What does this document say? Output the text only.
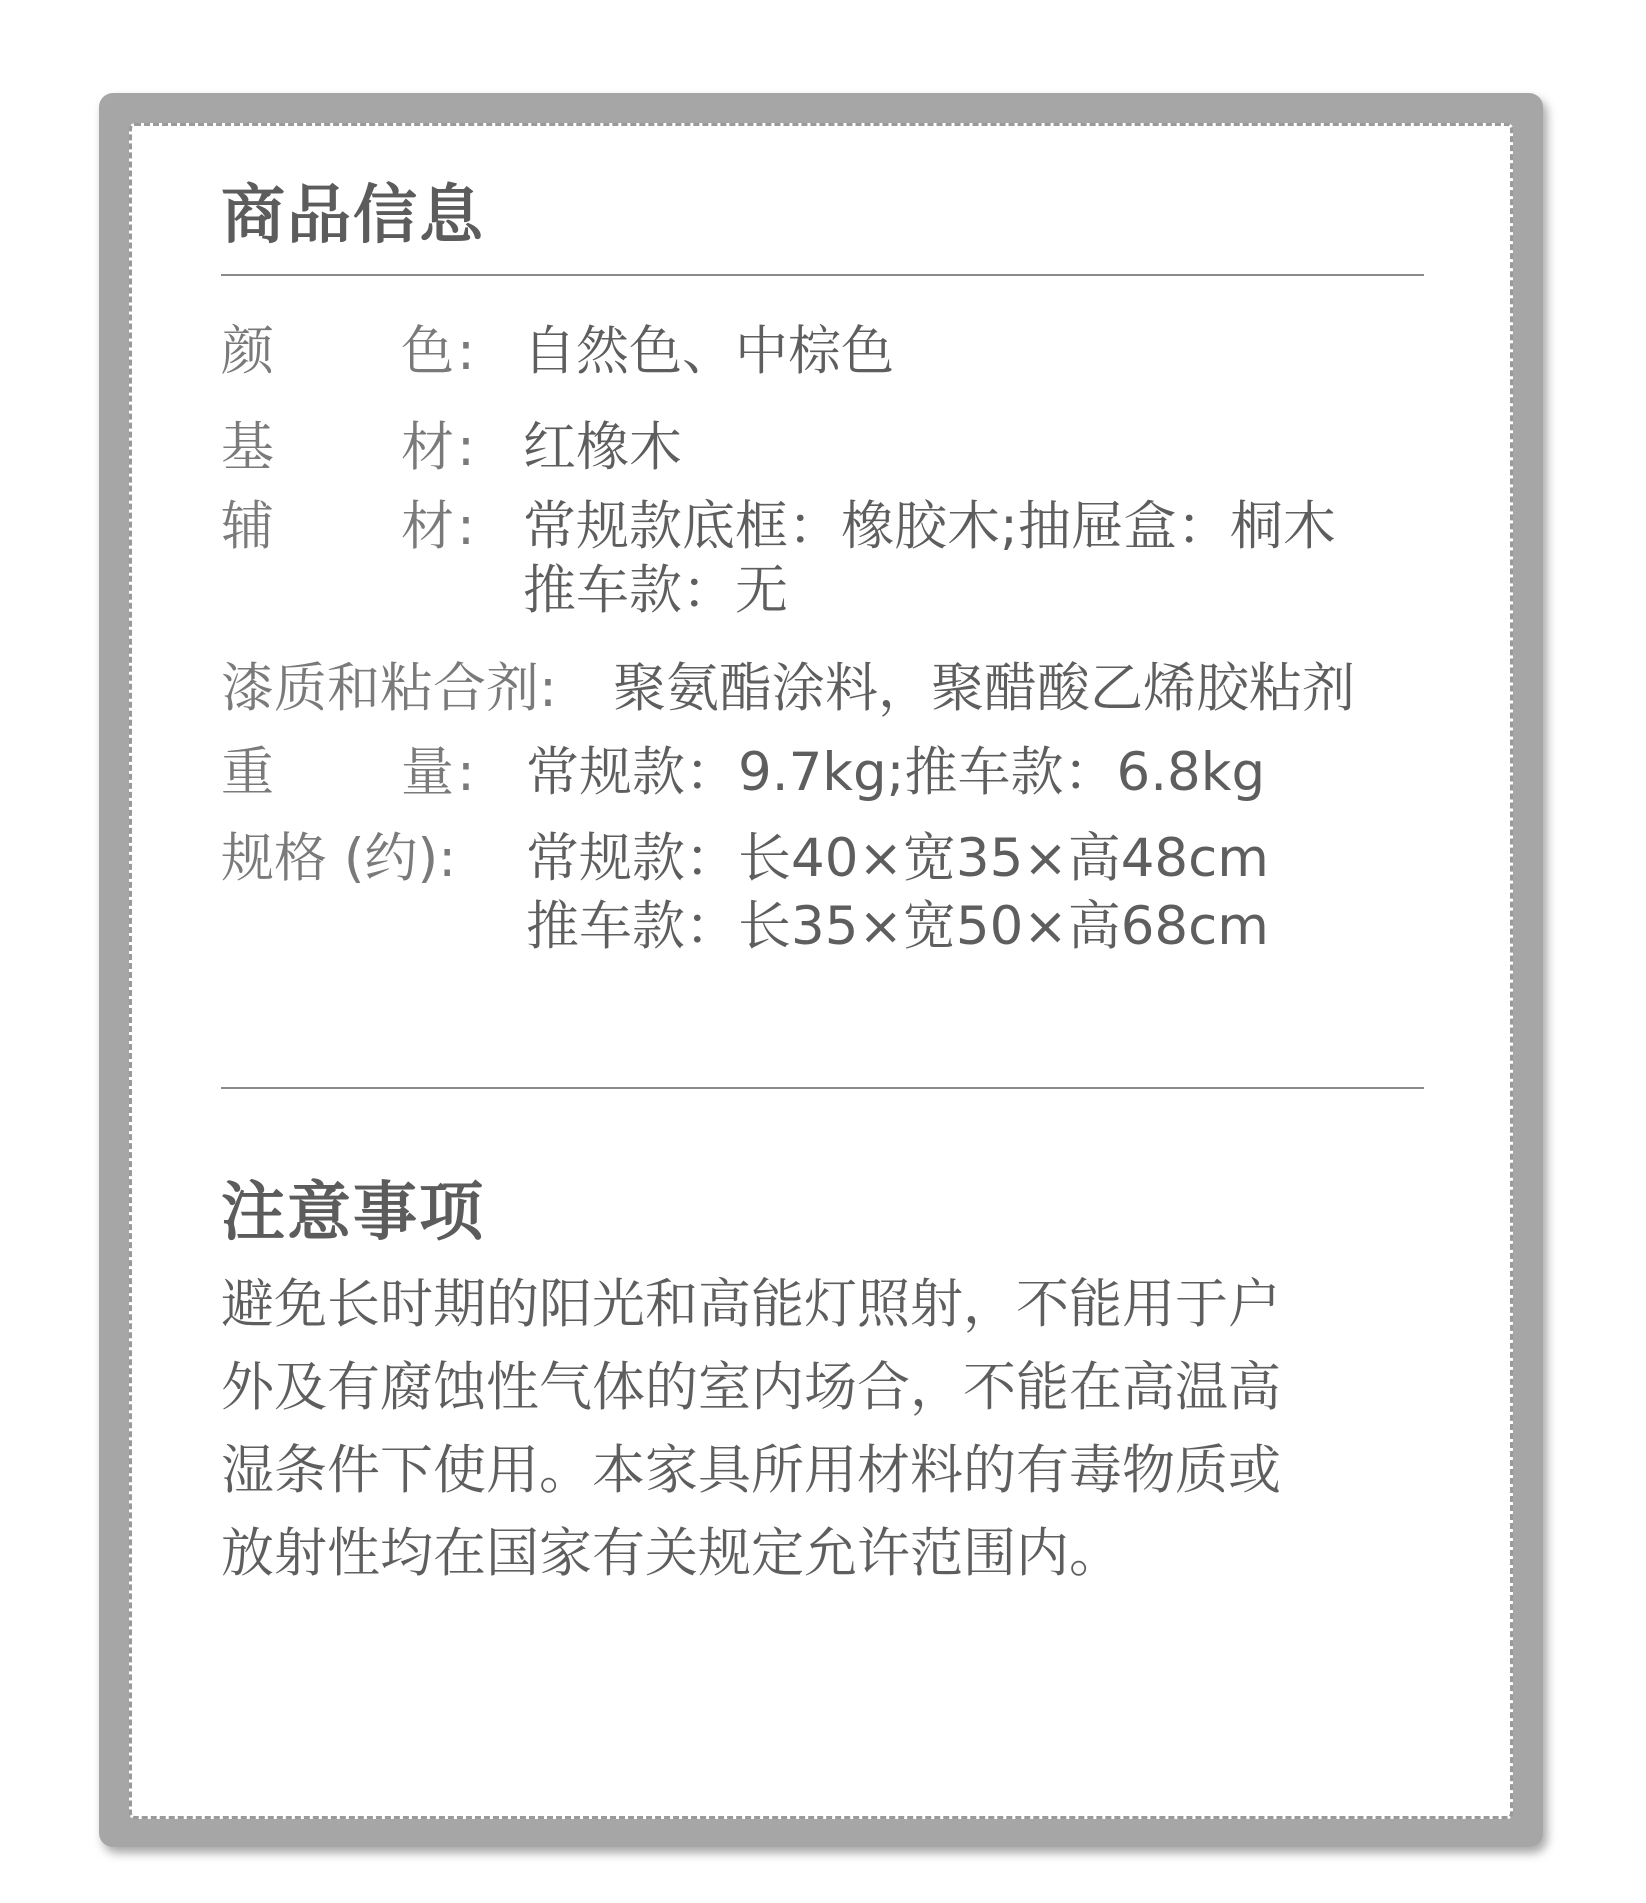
商品信息
颜 色 : 自然色、中棕色
基 材 : 红橡木
辅 材 : 常规款底框：橡胶木;抽屉盒：桐木
推车款：无
漆质和粘合剂: 聚氨酯涂料，聚醋酸乙烯胶粘剂
重 量 : 常规款：9.7kg;推车款：6.8kg
规格 (约): 常规款：长40×宽35×高48cm
推车款：长35×宽50×高68cm
注意事项

避免长时期的阳光和高能灯照射，不能用于户

外及有腐蚀性气体的室内场合，不能在高温高

湿条件下使用。本家具所用材料的有毒物质或

放射性均在国家有关规定允许范围内。
